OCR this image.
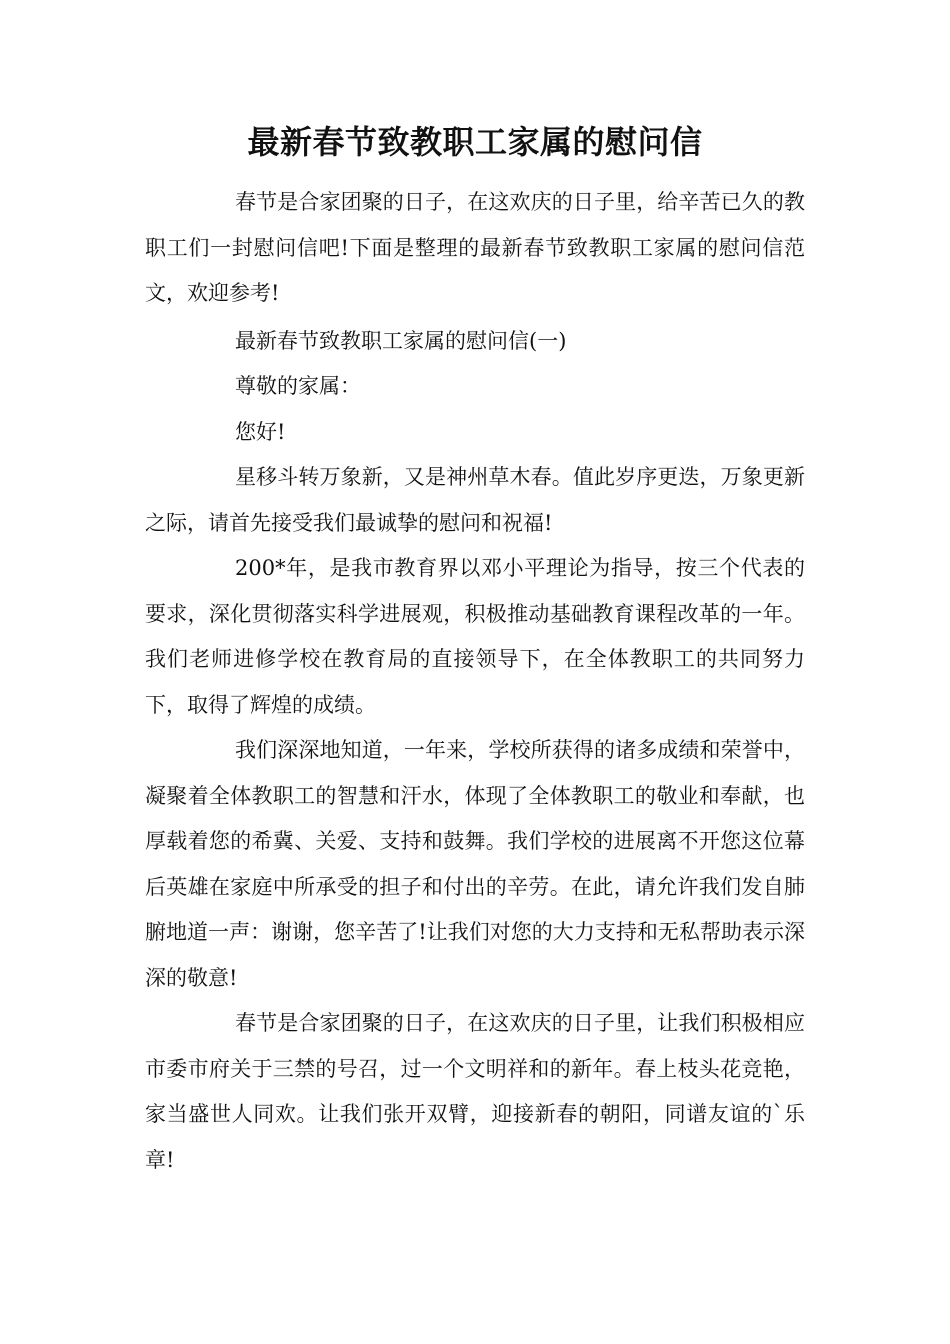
最新春节致教职工家属的慰问信

春节是合家团聚的日子，在这欢庆的日子里，给辛苦已久的教职工们一封慰问信吧!下面是整理的最新春节致教职工家属的慰问信范文，欢迎参考!

最新春节致教职工家属的慰问信(一)

尊敬的家属：

您好!

星移斗转万象新，又是神州草木春。值此岁序更迭，万象更新之际，请首先接受我们最诚挚的慰问和祝福!

200*年，是我市教育界以邓小平理论为指导，按三个代表的要求，深化贯彻落实科学进展观，积极推动基础教育课程改革的一年。我们老师进修学校在教育局的直接领导下，在全体教职工的共同努力下，取得了辉煌的成绩。

我们深深地知道，一年来，学校所获得的诸多成绩和荣誉中，凝聚着全体教职工的智慧和汗水，体现了全体教职工的敬业和奉献，也厚载着您的希冀、关爱、支持和鼓舞。我们学校的进展离不开您这位幕后英雄在家庭中所承受的担子和付出的辛劳。在此，请允许我们发自肺腑地道一声：谢谢，您辛苦了!让我们对您的大力支持和无私帮助表示深深的敬意!

春节是合家团聚的日子，在这欢庆的日子里，让我们积极相应市委市府关于三禁的号召，过一个文明祥和的新年。春上枝头花竞艳，家当盛世人同欢。让我们张开双臂，迎接新春的朝阳，同谱友谊的`乐章!
